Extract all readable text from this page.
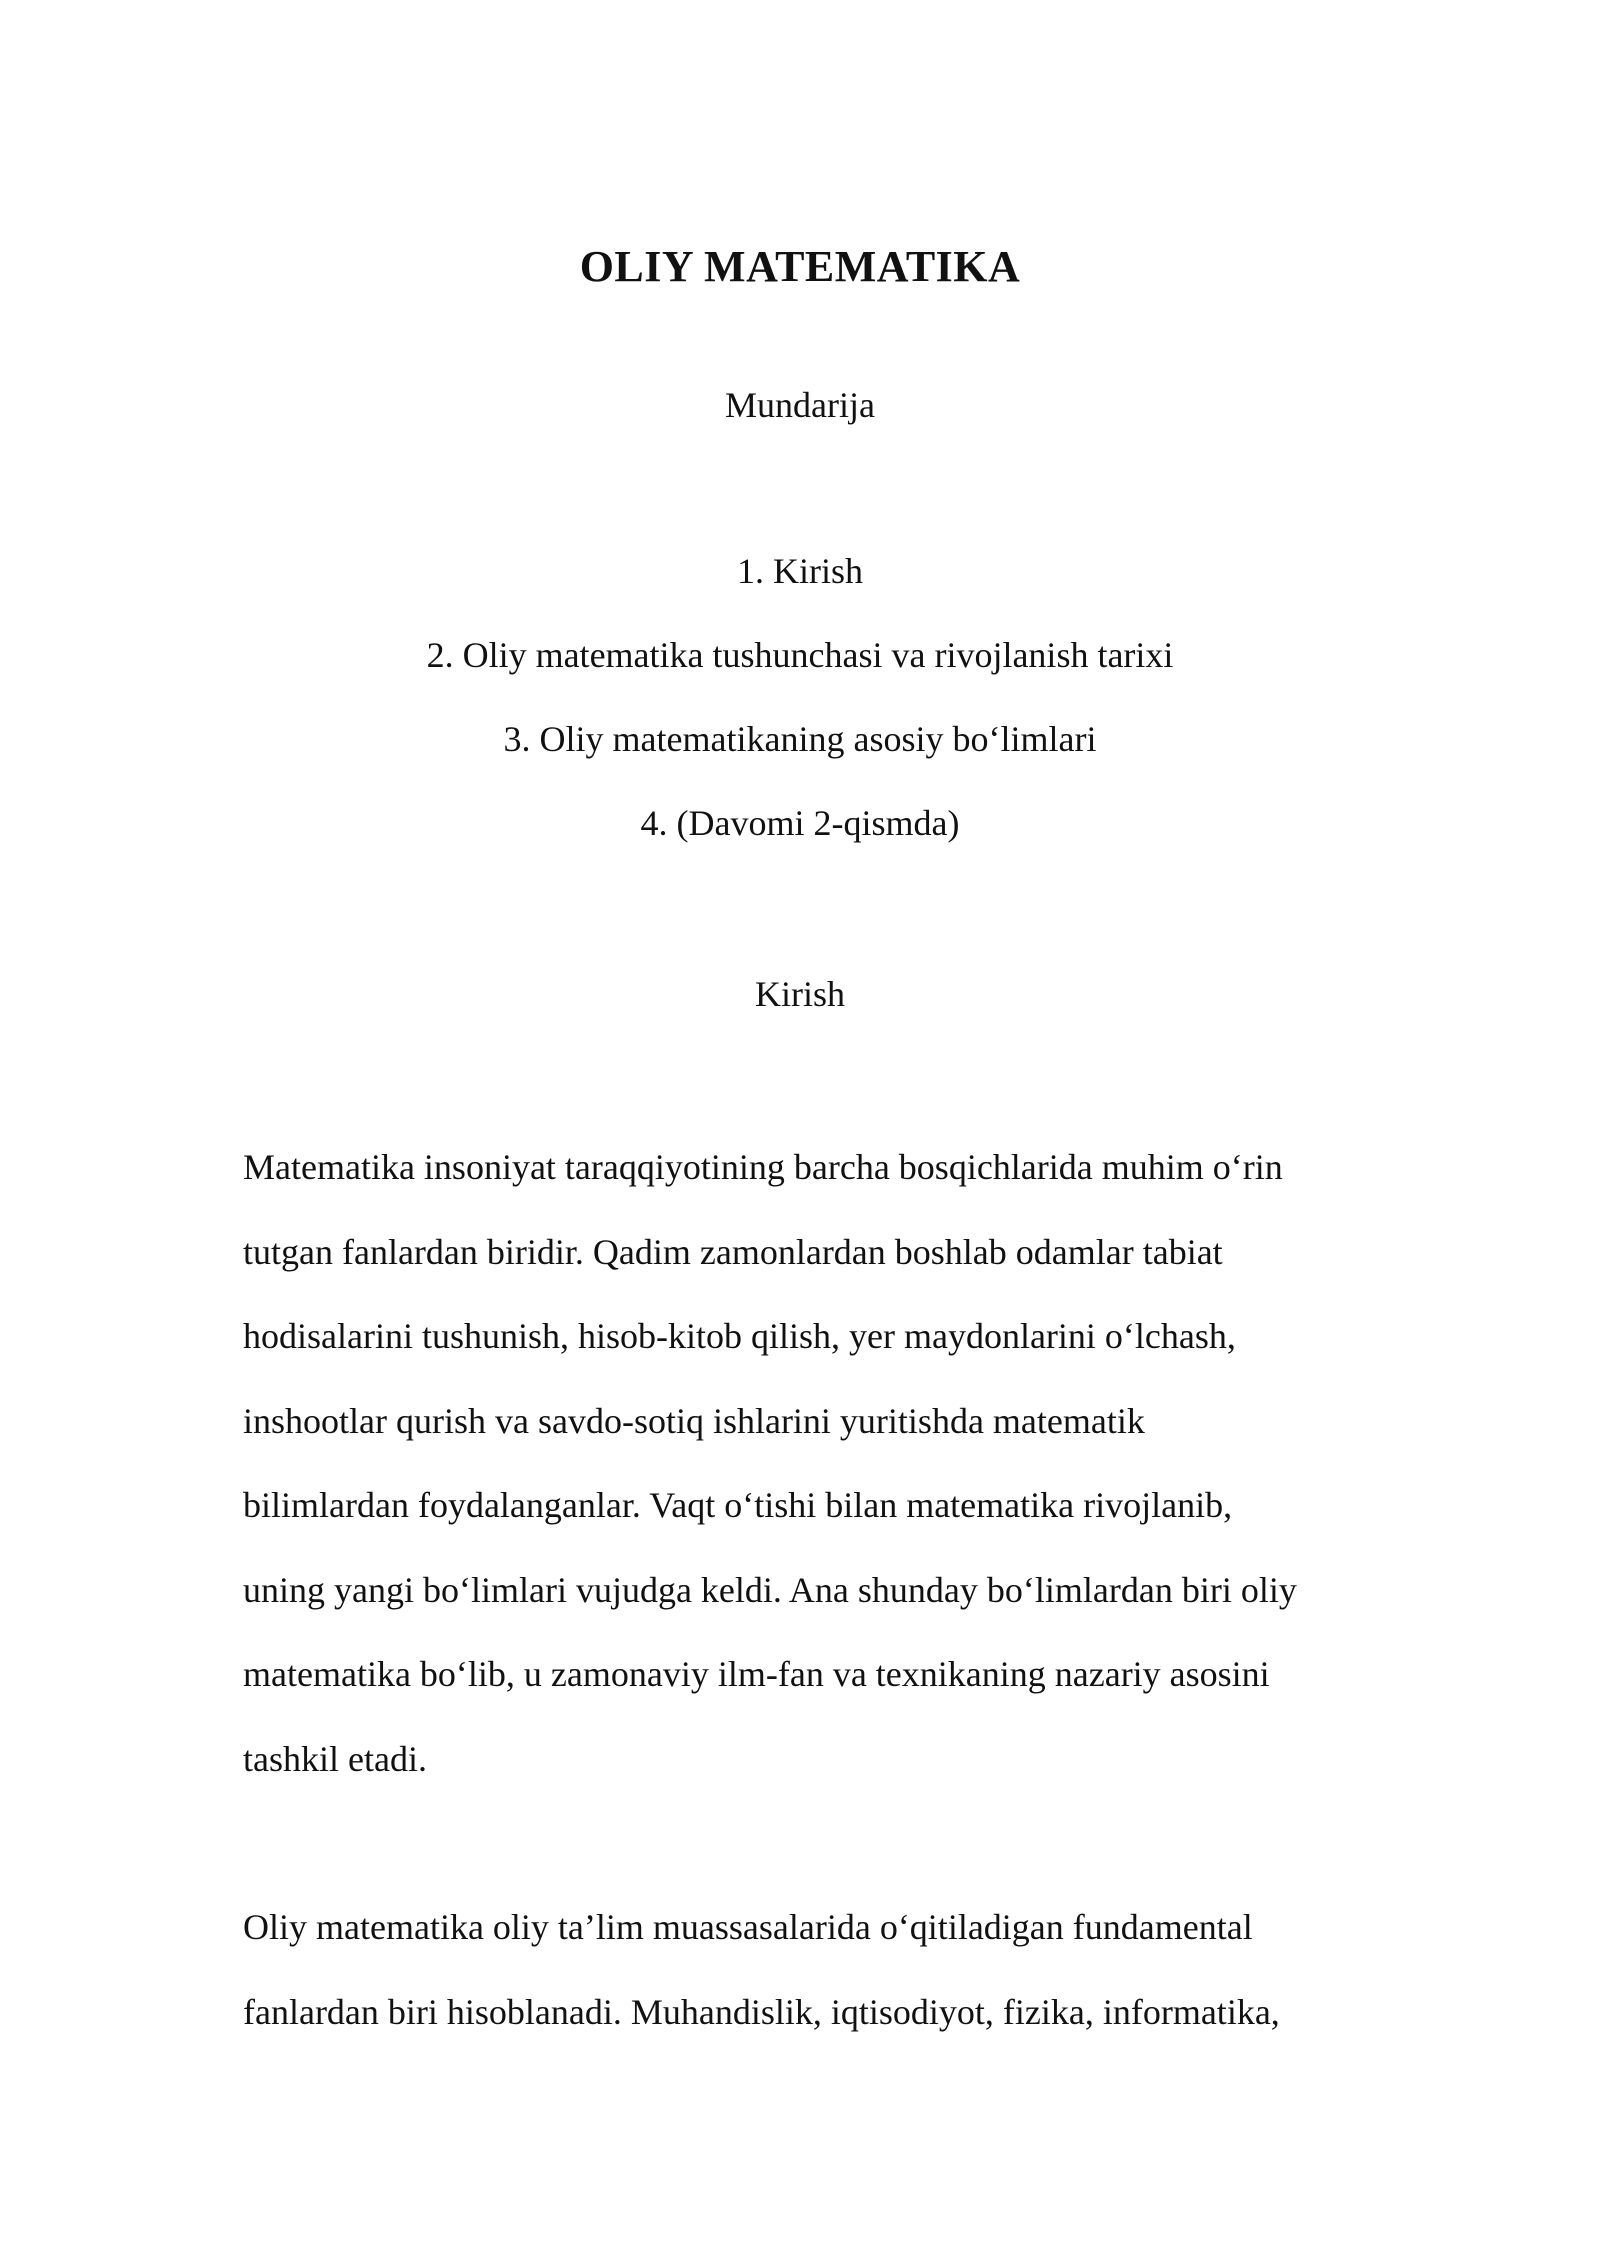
OLIY MATEMATIKA
Mundarija
1. Kirish
2. Oliy matematika tushunchasi va rivojlanish tarixi
3. Oliy matematikaning asosiy bo‘limlari
4. (Davomi 2-qismda)
Kirish

Matematika insoniyat taraqqiyotining barcha bosqichlarida muhim o‘rin
tutgan fanlardan biridir. Qadim zamonlardan boshlab odamlar tabiat
hodisalarini tushunish, hisob-kitob qilish, yer maydonlarini o‘lchash,
inshootlar qurish va savdo-sotiq ishlarini yuritishda matematik
bilimlardan foydalanganlar. Vaqt o‘tishi bilan matematika rivojlanib,
uning yangi bo‘limlari vujudga keldi. Ana shunday bo‘limlardan biri oliy
matematika bo‘lib, u zamonaviy ilm-fan va texnikaning nazariy asosini
tashkil etadi.

Oliy matematika oliy ta’lim muassasalarida o‘qitiladigan fundamental
fanlardan biri hisoblanadi. Muhandislik, iqtisodiyot, fizika, informatika,
